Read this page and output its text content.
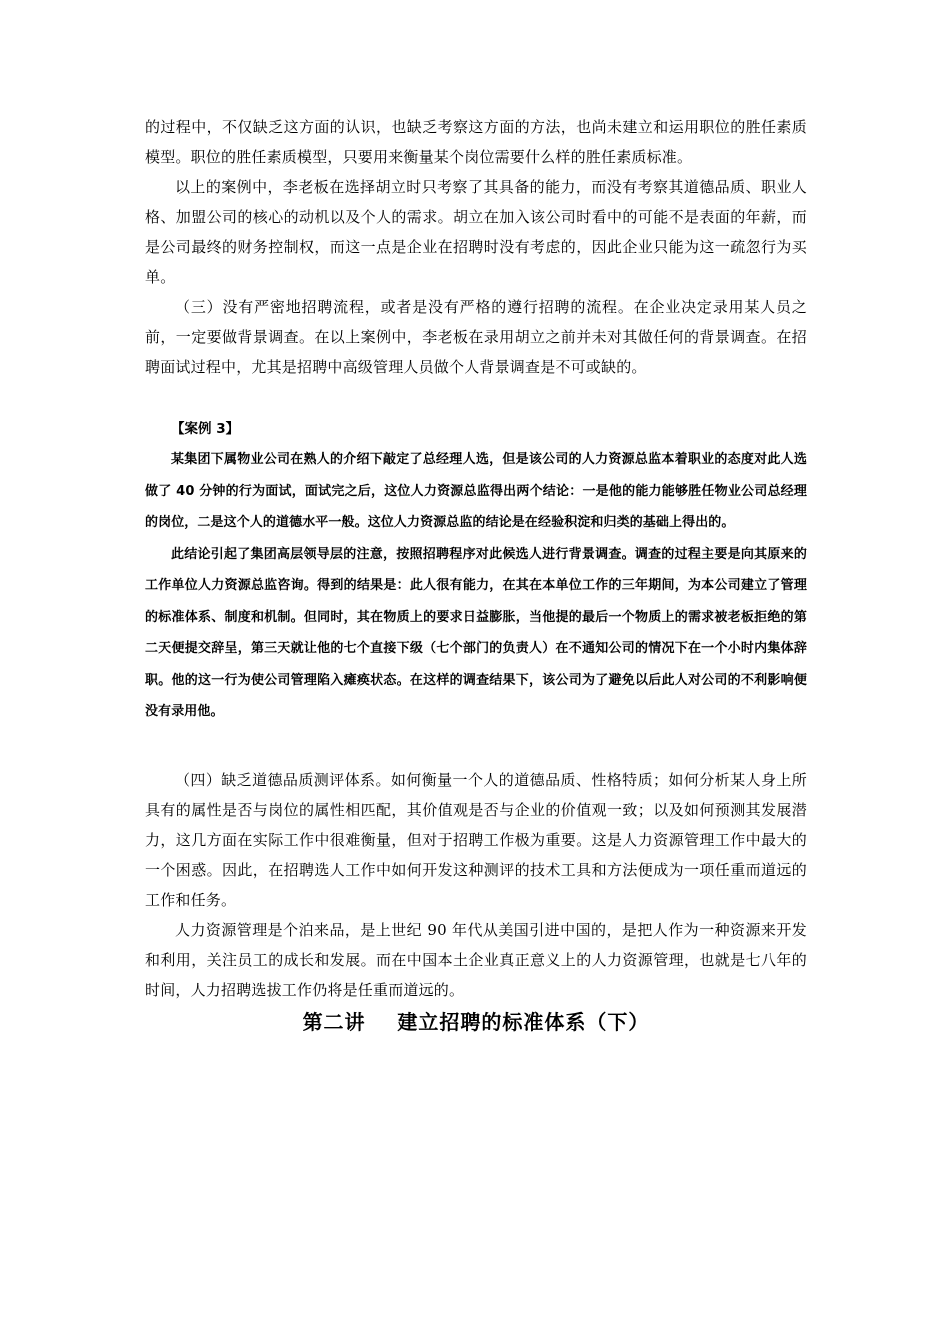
的过程中，不仅缺乏这方面的认识，也缺乏考察这方面的方法，也尚未建立和运用职位的胜任素质模型。职位的胜任素质模型，只要用来衡量某个岗位需要什么样的胜任素质标准。

以上的案例中，李老板在选择胡立时只考察了其具备的能力，而没有考察其道德品质、职业人格、加盟公司的核心的动机以及个人的需求。胡立在加入该公司时看中的可能不是表面的年薪，而是公司最终的财务控制权，而这一点是企业在招聘时没有考虑的，因此企业只能为这一疏忽行为买单。

（三）没有严密地招聘流程，或者是没有严格的遵行招聘的流程。在企业决定录用某人员之前，一定要做背景调查。在以上案例中，李老板在录用胡立之前并未对其做任何的背景调查。在招聘面试过程中，尤其是招聘中高级管理人员做个人背景调查是不可或缺的。

【案例 3】

某集团下属物业公司在熟人的介绍下敲定了总经理人选，但是该公司的人力资源总监本着职业的态度对此人选做了 40 分钟的行为面试，面试完之后，这位人力资源总监得出两个结论：一是他的能力能够胜任物业公司总经理的岗位，二是这个人的道德水平一般。这位人力资源总监的结论是在经验积淀和归类的基础上得出的。

此结论引起了集团高层领导层的注意，按照招聘程序对此候选人进行背景调查。调查的过程主要是向其原来的工作单位人力资源总监咨询。得到的结果是：此人很有能力，在其在本单位工作的三年期间，为本公司建立了管理的标准体系、制度和机制。但同时，其在物质上的要求日益膨胀，当他提的最后一个物质上的需求被老板拒绝的第二天便提交辞呈，第三天就让他的七个直接下级（七个部门的负责人）在不通知公司的情况下在一个小时内集体辞职。他的这一行为使公司管理陷入瘫痪状态。在这样的调查结果下，该公司为了避免以后此人对公司的不利影响便没有录用他。

（四）缺乏道德品质测评体系。如何衡量一个人的道德品质、性格特质；如何分析某人身上所具有的属性是否与岗位的属性相匹配，其价值观是否与企业的价值观一致；以及如何预测其发展潜力，这几方面在实际工作中很难衡量，但对于招聘工作极为重要。这是人力资源管理工作中最大的一个困惑。因此，在招聘选人工作中如何开发这种测评的技术工具和方法便成为一项任重而道远的工作和任务。

人力资源管理是个泊来品，是上世纪 90 年代从美国引进中国的，是把人作为一种资源来开发和利用，关注员工的成长和发展。而在中国本土企业真正意义上的人力资源管理，也就是七八年的时间，人力招聘选拔工作仍将是任重而道远的。

第二讲    建立招聘的标准体系（下）
